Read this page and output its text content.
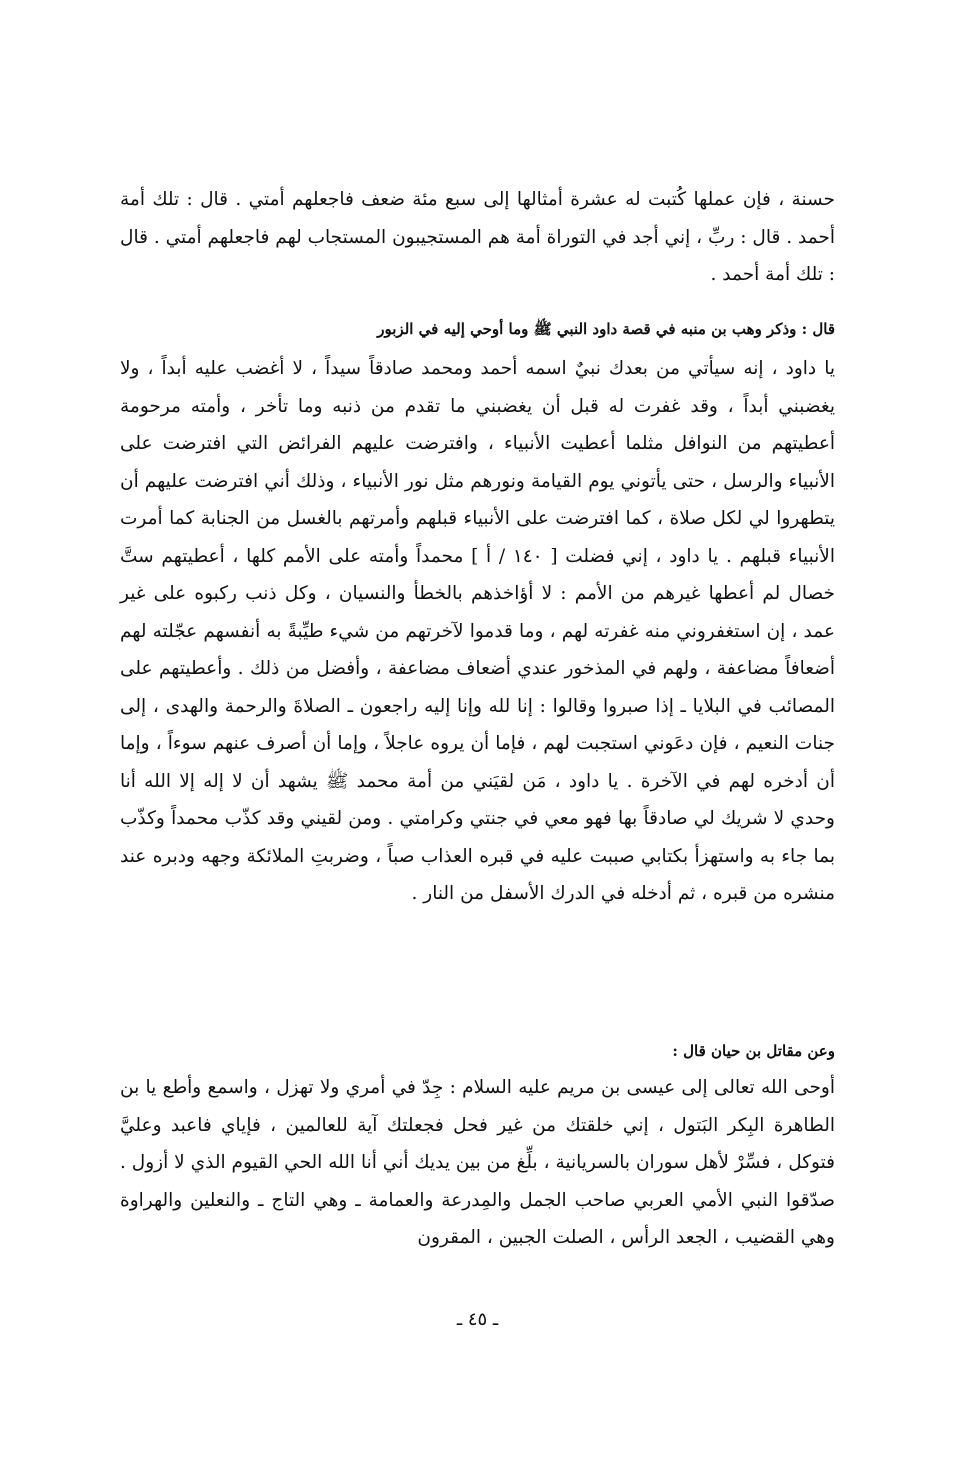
حسنة ، فإن عملها كُتبت له عشرة أمثالها إلى سبع مئة ضعف فاجعلهم أمتي . قال : تلك أمة أحمد . قال : ربِّ ، إني أجد في التوراة أمة هم المستجيبون المستجاب لهم فاجعلهم أمتي . قال : تلك أمة أحمد .

قال : وذكر وهب بن منبه في قصة داود النبي ﷺ وما أوحي إليه في الزبور

يا داود ، إنه سيأتي من بعدك نبيٌ اسمه أحمد ومحمد صادقاً سيداً ، لا أغضب عليه أبداً ، ولا يغضبني أبداً ، وقد غفرت له قبل أن يغضبني ما تقدم من ذنبه وما تأخر ، وأمته مرحومة أعطيتهم من النوافل مثلما أعطيت الأنبياء ، وافترضت عليهم الفرائض التي افترضت على الأنبياء والرسل ، حتى يأتوني يوم القيامة ونورهم مثل نور الأنبياء ، وذلك أني افترضت عليهم أن يتطهروا لي لكل صلاة ، كما افترضت على الأنبياء قبلهم وأمرتهم بالغسل من الجنابة كما أمرت الأنبياء قبلهم . يا داود ، إني فضلت [ ١٤٠ / أ ] محمداً وأمته على الأمم كلها ، أعطيتهم ستَّ خصال لم أعطها غيرهم من الأمم : لا أؤاخذهم بالخطأ والنسيان ، وكل ذنب ركبوه على غير عمد ، إن استغفروني منه غفرته لهم ، وما قدموا لآخرتهم من شيء طيِّبةً به أنفسهم عجّلته لهم أضعافاً مضاعفة ، ولهم في المذخور عندي أضعاف مضاعفة ، وأفضل من ذلك . وأعطيتهم على المصائب في البلايا ـ إذا صبروا وقالوا : إنا لله وإنا إليه راجعون ـ الصلاةَ والرحمة والهدى ، إلى جنات النعيم ، فإن دعَوني استجبت لهم ، فإما أن يروه عاجلاً ، وإما أن أصرف عنهم سوءاً ، وإما أن أدخره لهم في الآخرة . يا داود ، مَن لقيَني من أمة محمد ﷺ يشهد أن لا إله إلا الله أنا وحدي لا شريك لي صادقاً بها فهو معي في جنتي وكرامتي . ومن لقيني وقد كذّب محمداً وكذّب بما جاء به واستهزأ بكتابي صببت عليه في قبره العذاب صباً ، وضربتِ الملائكة وجهه ودبره عند منشره من قبره ، ثم أدخله في الدرك الأسفل من النار .

وعن مقاتل بن حيان قال :

أوحى الله تعالى إلى عيسى بن مريم عليه السلام : جِدّ في أمري ولا تهزل ، واسمع وأطع يا بن الطاهرة البِكر البَتول ، إني خلقتك من غير فحل فجعلتك آية للعالمين ، فإياي فاعبد وعليَّ فتوكل ، فسِّرْ لأهل سوران بالسريانية ، بلِّغ من بين يديك أني أنا الله الحي القيوم الذي لا أزول . صدّقوا النبي الأمي العربي صاحب الجمل والمِدرعة والعمامة ـ وهي التاج ـ والنعلين والهراوة وهي القضيب ، الجعد الرأس ، الصلت الجبين ، المقرون

ـ ٤٥ ـ
